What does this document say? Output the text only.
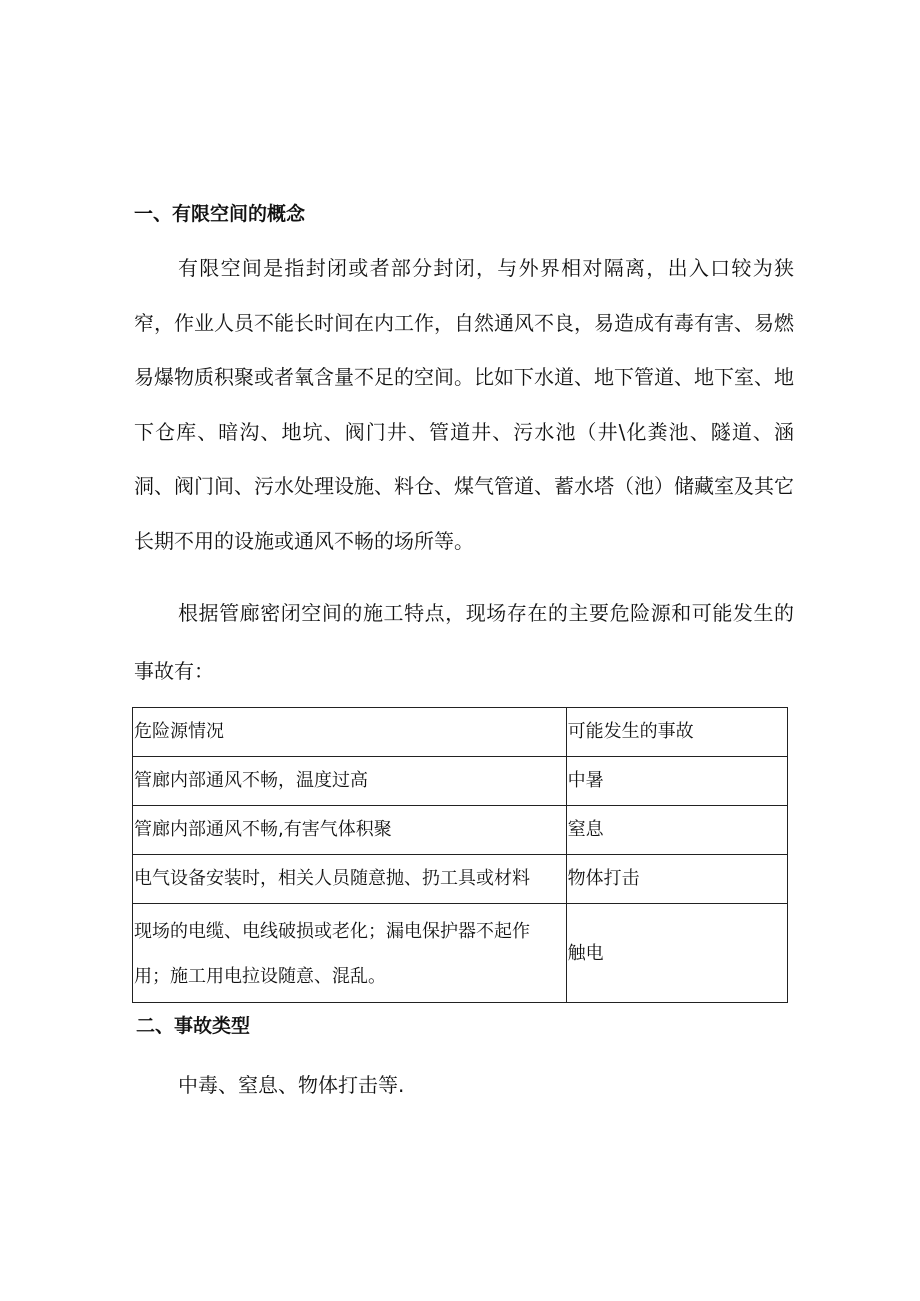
一、有限空间的概念

有限空间是指封闭或者部分封闭，与外界相对隔离，出入口较为狭窄，作业人员不能长时间在内工作，自然通风不良，易造成有毒有害、易燃易爆物质积聚或者氧含量不足的空间。比如下水道、地下管道、地下室、地下仓库、暗沟、地坑、阀门井、管道井、污水池（井\化粪池、隧道、涵洞、阀门间、污水处理设施、料仓、煤气管道、蓄水塔（池）储藏室及其它长期不用的设施或通风不畅的场所等。

根据管廊密闭空间的施工特点，现场存在的主要危险源和可能发生的事故有：

危险源情况	可能发生的事故
管廊内部通风不畅，温度过高	中暑
管廊内部通风不畅,有害气体积聚	窒息
电气设备安装时，相关人员随意抛、扔工具或材料	物体打击
现场的电缆、电线破损或老化；漏电保护器不起作用；施工用电拉设随意、混乱。	触电
二、事故类型

中毒、窒息、物体打击等.
